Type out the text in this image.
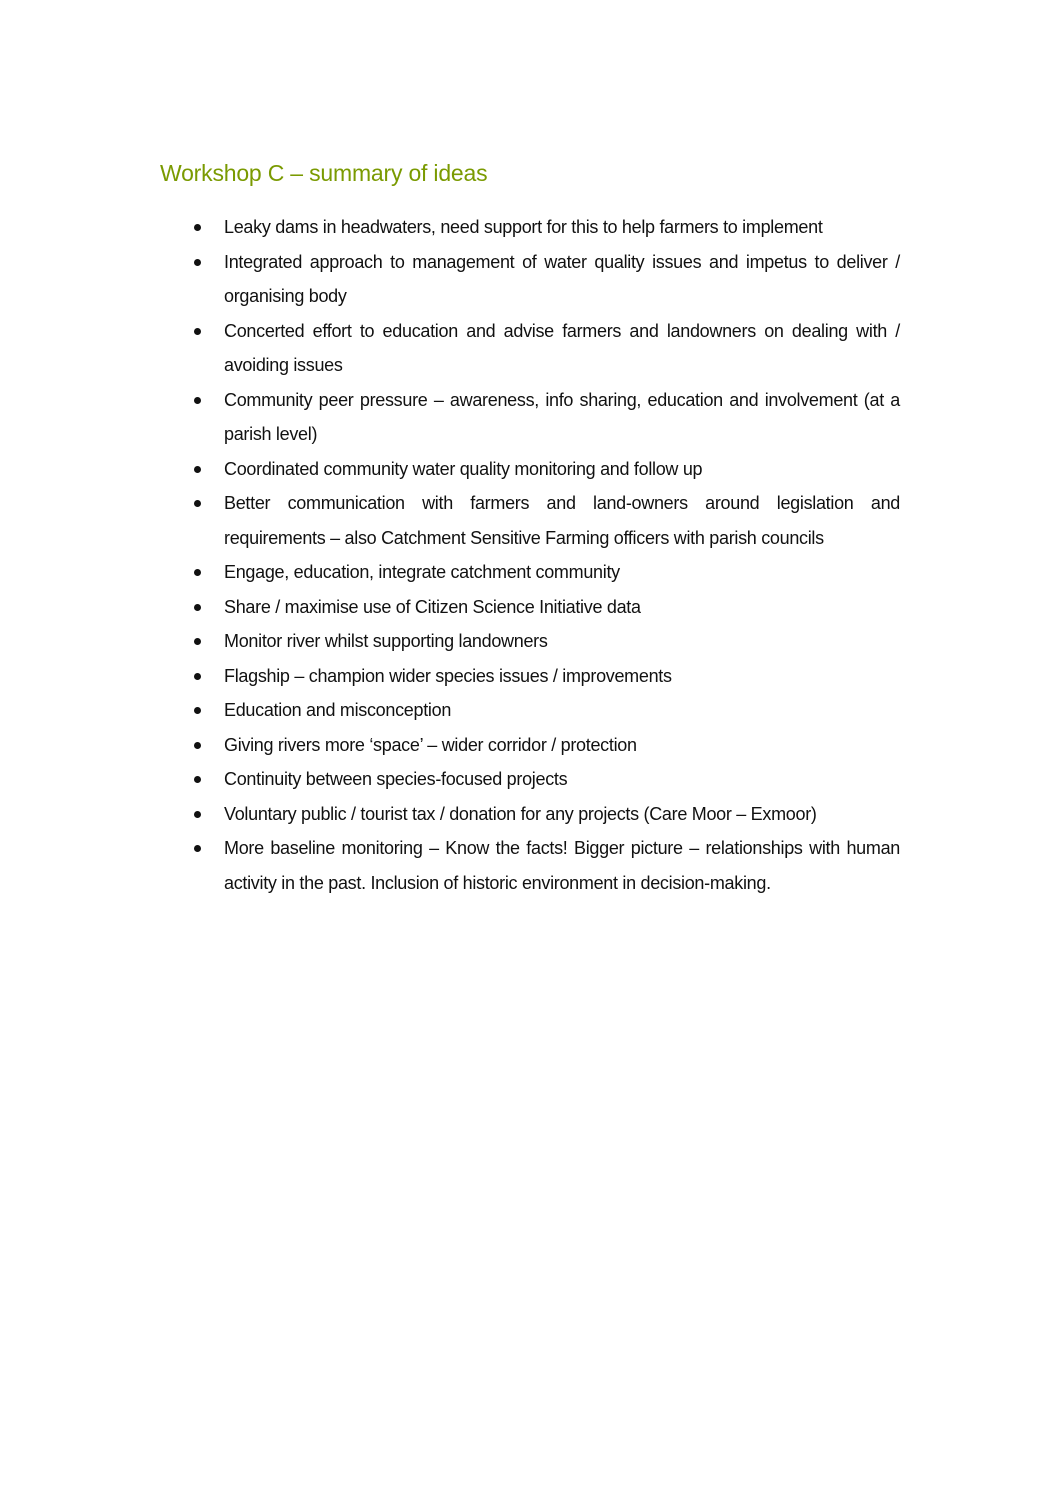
Workshop C – summary of ideas
Leaky dams in headwaters, need support for this to help farmers to implement
Integrated approach to management of water quality issues and impetus to deliver / organising body
Concerted effort to education and advise farmers and landowners on dealing with / avoiding issues
Community peer pressure – awareness, info sharing, education and involvement (at a parish level)
Coordinated community water quality monitoring and follow up
Better communication with farmers and land-owners around legislation and requirements – also Catchment Sensitive Farming officers with parish councils
Engage, education, integrate catchment community
Share / maximise use of Citizen Science Initiative data
Monitor river whilst supporting landowners
Flagship – champion wider species issues / improvements
Education and misconception
Giving rivers more ‘space’ – wider corridor / protection
Continuity between species-focused projects
Voluntary public / tourist tax / donation for any projects (Care Moor – Exmoor)
More baseline monitoring – Know the facts! Bigger picture – relationships with human activity in the past. Inclusion of historic environment in decision-making.
